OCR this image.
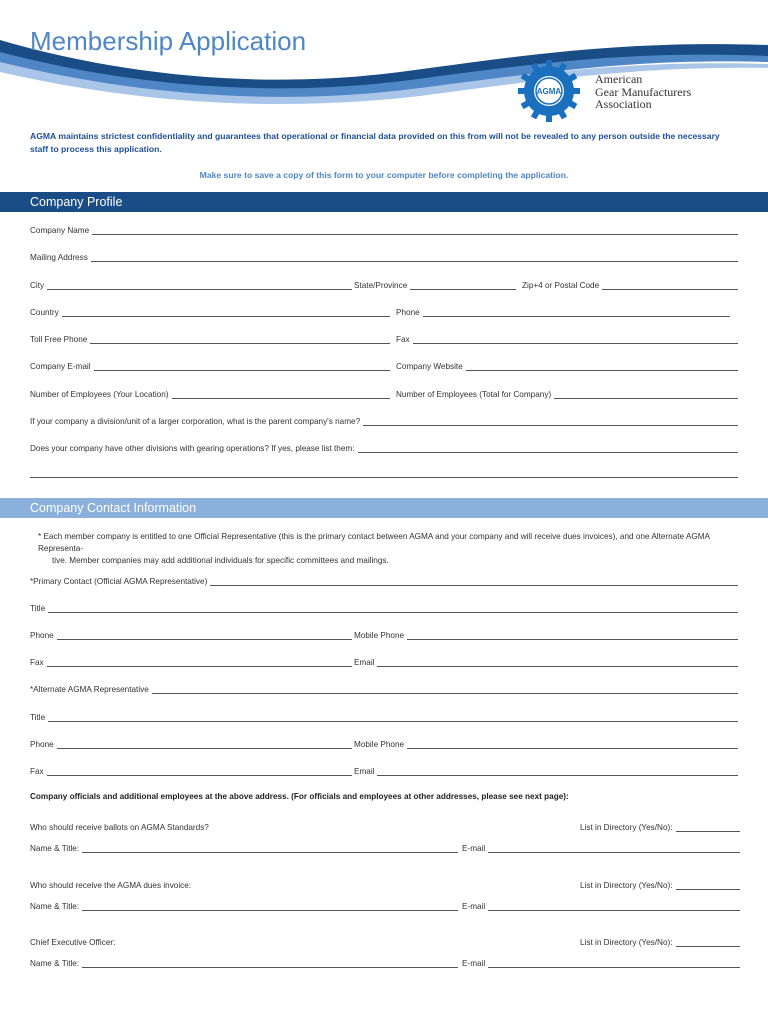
Membership Application
AGMA
American
Gear Manufacturers
Association
AGMA maintains strictest confidentiality and guarantees that operational or financial data provided on this from will not be revealed to any person outside the necessary staff to process this application.
Make sure to save a copy of this form to your computer before completing the application.
Company Profile
Company Name
Mailing Address
City	State/Province	Zip+4 or Postal Code
Country	Phone
Toll Free Phone	Fax
Company E-mail	Company Website
Number of Employees (Your Location)	Number of Employees (Total for Company)
If your company a division/unit of a larger corporation, what is the parent company's name?
Does your company have other divisions with gearing operations? If yes, please list them:
Company Contact Information
* Each member company is entitled to one Official Representative (this is the primary contact between AGMA and your company and will receive dues invoices), and one Alternate AGMA Representa-
tive. Member companies may add additional individuals for specific committees and mailings.
*Primary Contact (Official AGMA Representative)
Title
Phone	Mobile Phone
Fax	Email
*Alternate AGMA Representative
Title
Phone	Mobile Phone
Fax	Email
Company officials and additional employees at the above address. (For officials and employees at other addresses, please see next page):
Who should receive ballots on AGMA Standards?	List in Directory (Yes/No):
Name & Title:	E-mail
Who should receive the AGMA dues invoice:	List in Directory (Yes/No):
Name & Title:	E-mail
Chief Executive Officer:	List in Directory (Yes/No):
Name & Title:	E-mail
